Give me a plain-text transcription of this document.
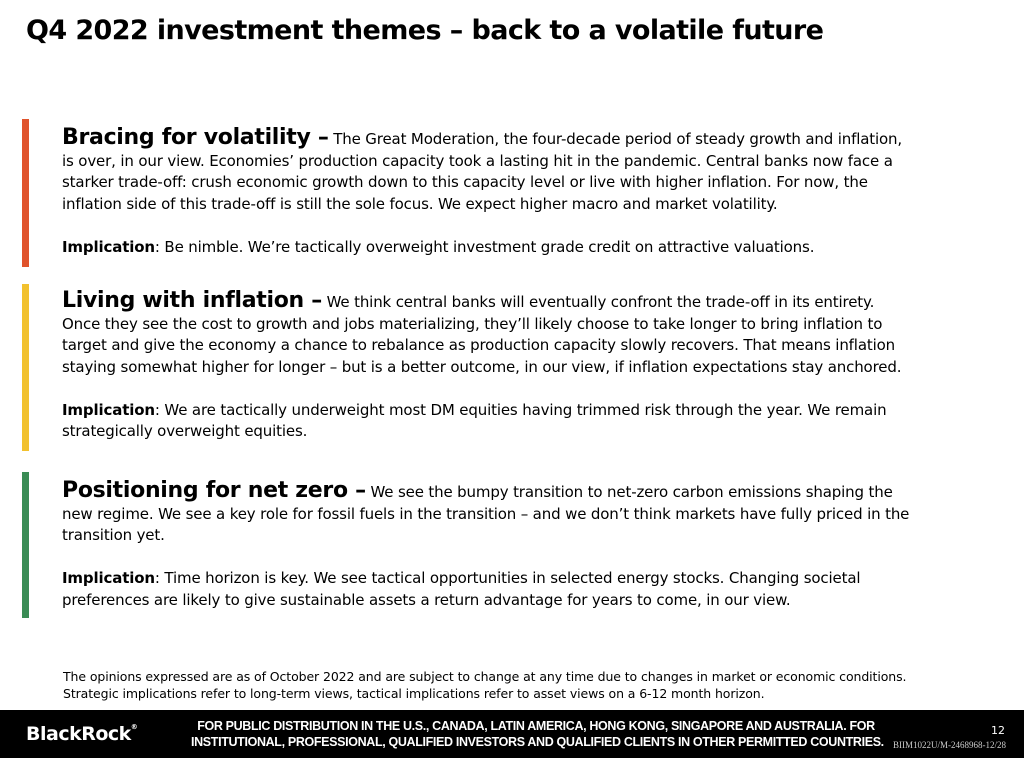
Q4 2022 investment themes – back to a volatile future

Bracing for volatility – The Great Moderation, the four-decade period of steady growth and inflation,
is over, in our view. Economies’ production capacity took a lasting hit in the pandemic. Central banks now face a
starker trade-off: crush economic growth down to this capacity level or live with higher inflation. For now, the
inflation side of this trade-off is still the sole focus. We expect higher macro and market volatility.

Implication: Be nimble. We’re tactically overweight investment grade credit on attractive valuations.

Living with inflation – We think central banks will eventually confront the trade-off in its entirety.
Once they see the cost to growth and jobs materializing, they’ll likely choose to take longer to bring inflation to
target and give the economy a chance to rebalance as production capacity slowly recovers. That means inflation
staying somewhat higher for longer – but is a better outcome, in our view, if inflation expectations stay anchored.

Implication: We are tactically underweight most DM equities having trimmed risk through the year. We remain
strategically overweight equities.

Positioning for net zero – We see the bumpy transition to net-zero carbon emissions shaping the
new regime. We see a key role for fossil fuels in the transition – and we don’t think markets have fully priced in the
transition yet.

Implication: Time horizon is key. We see tactical opportunities in selected energy stocks. Changing societal
preferences are likely to give sustainable assets a return advantage for years to come, in our view.

The opinions expressed are as of October 2022 and are subject to change at any time due to changes in market or economic conditions.
Strategic implications refer to long-term views, tactical implications refer to asset views on a 6-12 month horizon.
BlackRock®	FOR PUBLIC DISTRIBUTION IN THE U.S., CANADA, LATIN AMERICA, HONG KONG, SINGAPORE AND AUSTRALIA. FOR
INSTITUTIONAL, PROFESSIONAL, QUALIFIED INVESTORS AND QUALIFIED CLIENTS IN OTHER PERMITTED COUNTRIES.
12
BIIM1022U/M-2468968-12/28
